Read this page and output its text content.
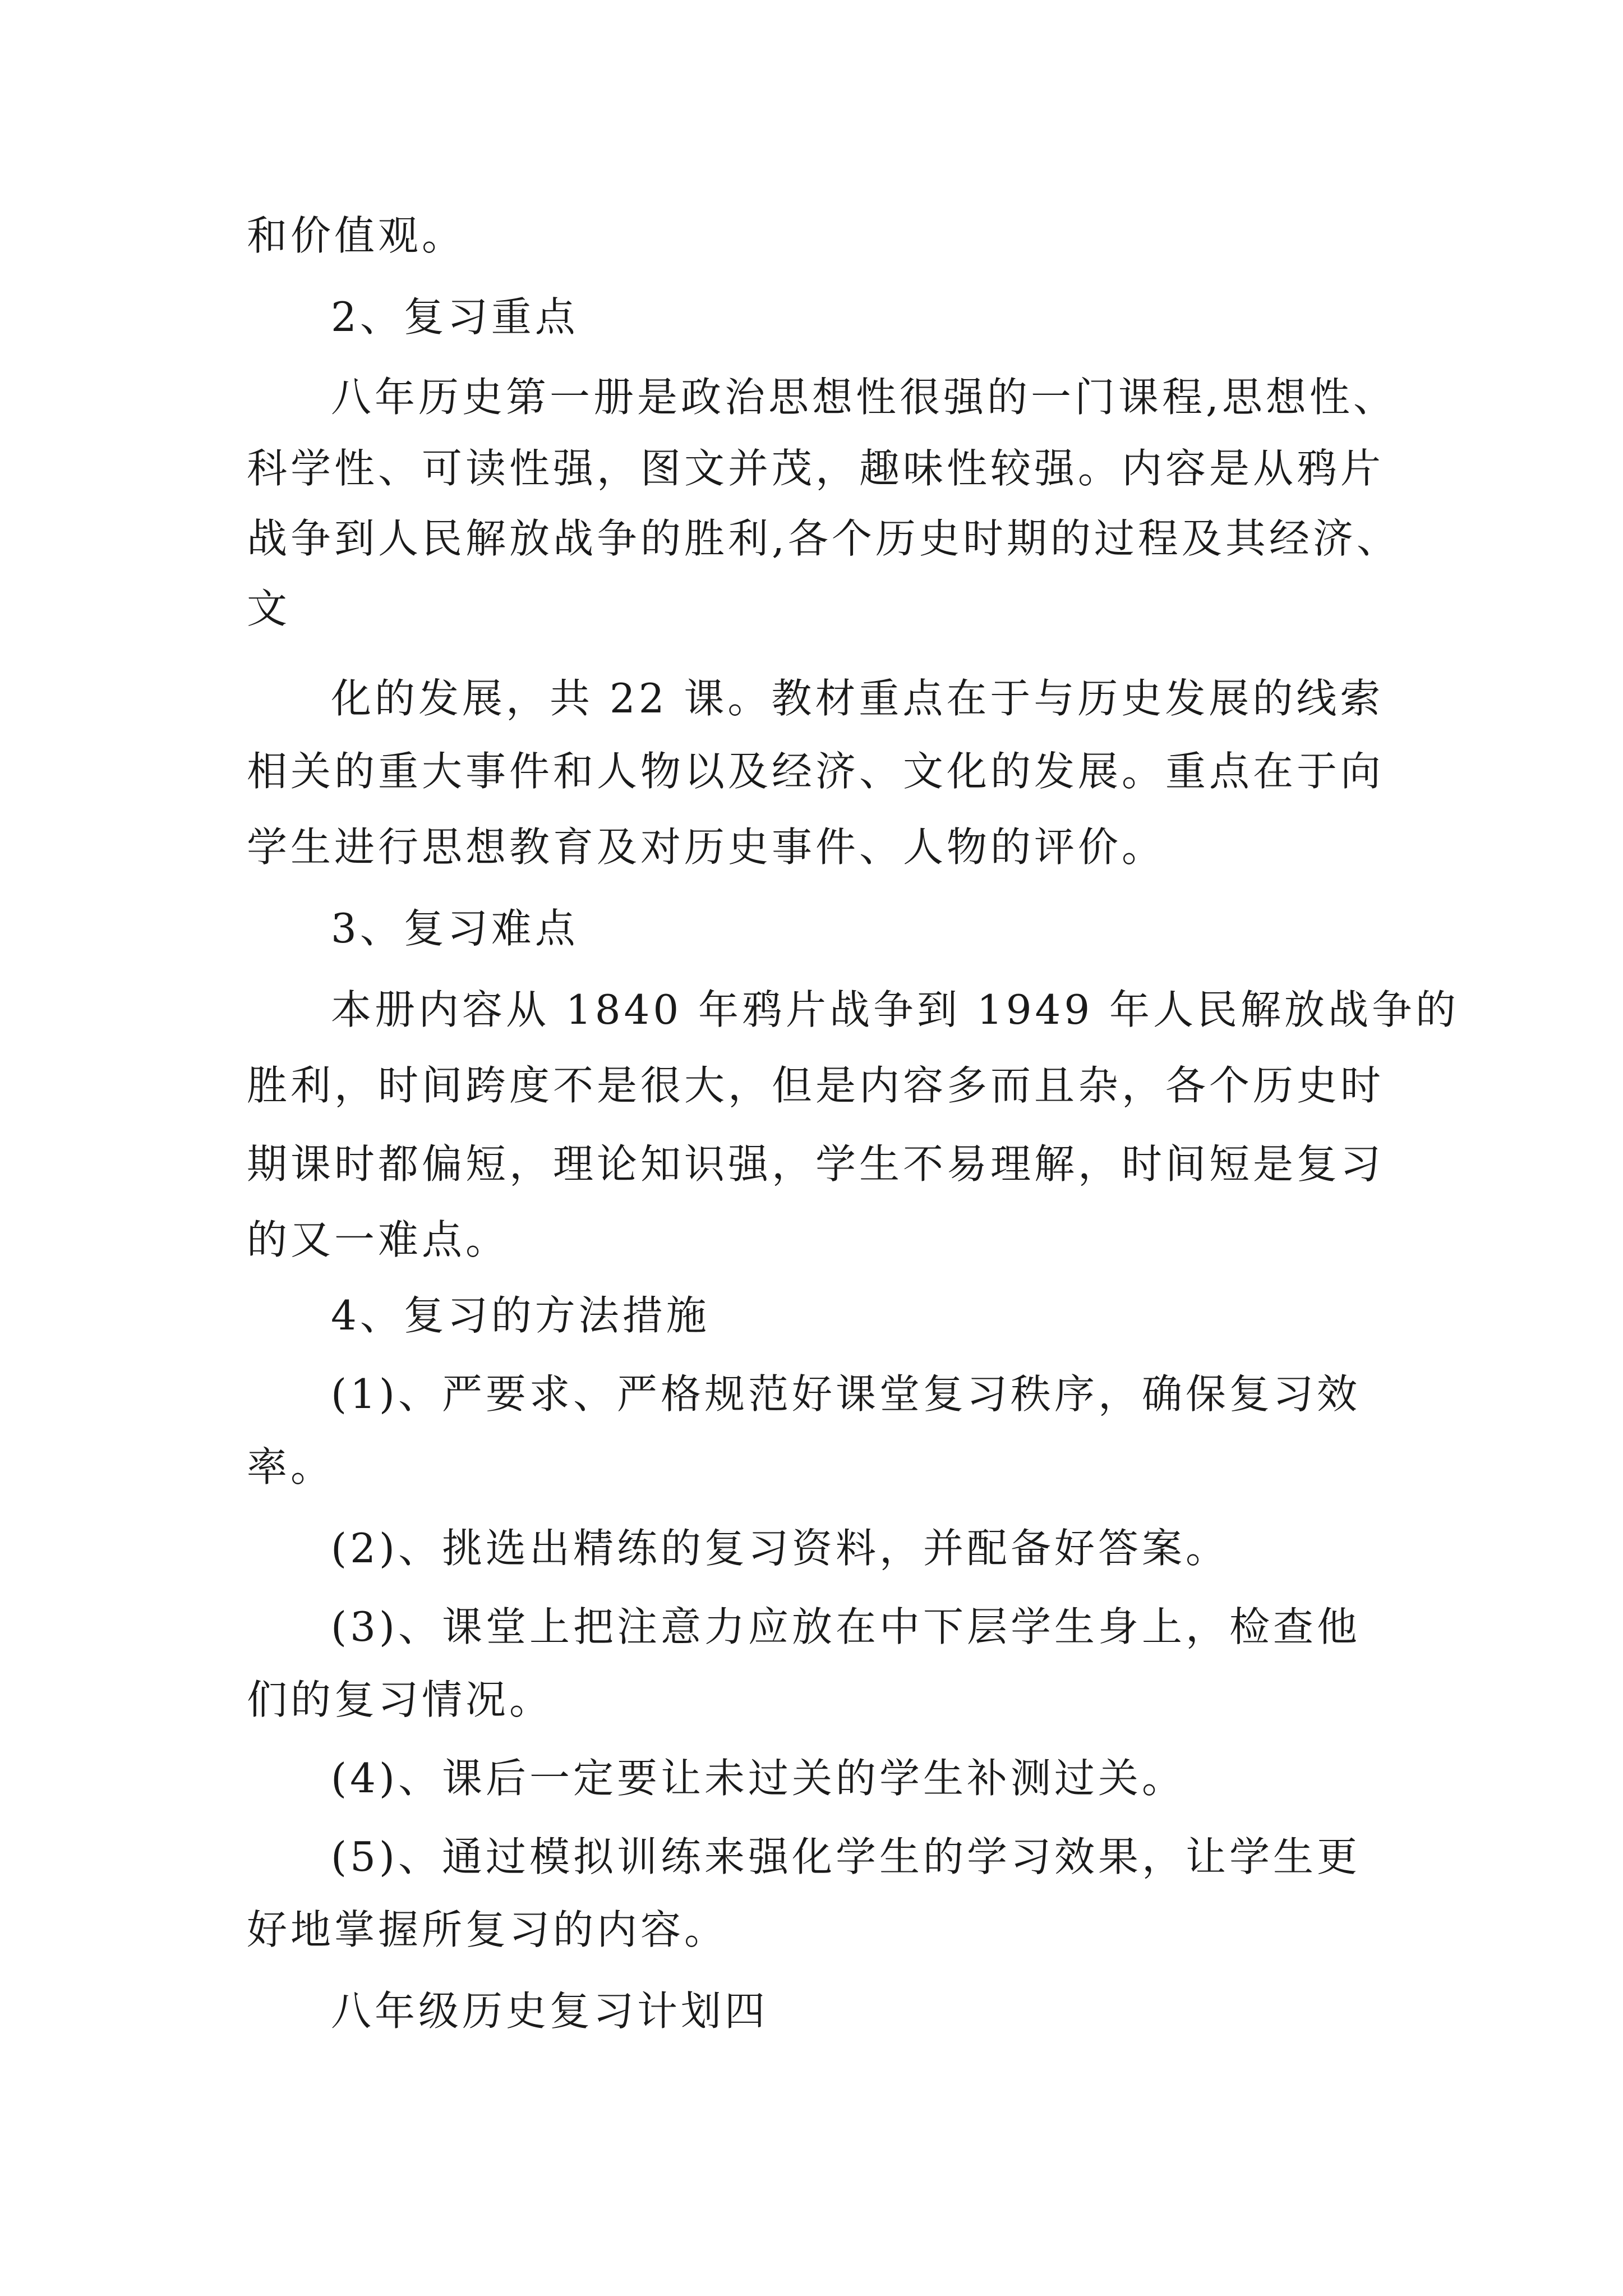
和价值观。
2、复习重点
八年历史第一册是政治思想性很强的一门课程,思想性、
科学性、可读性强，图文并茂，趣味性较强。内容是从鸦片
战争到人民解放战争的胜利,各个历史时期的过程及其经济、
文
化的发展，共 22 课。教材重点在于与历史发展的线索
相关的重大事件和人物以及经济、文化的发展。重点在于向
学生进行思想教育及对历史事件、人物的评价。
3、复习难点
本册内容从 1840 年鸦片战争到 1949 年人民解放战争的
胜利，时间跨度不是很大，但是内容多而且杂，各个历史时
期课时都偏短，理论知识强，学生不易理解，时间短是复习
的又一难点。
4、复习的方法措施
(1)、严要求、严格规范好课堂复习秩序，确保复习效
率。
(2)、挑选出精练的复习资料，并配备好答案。
(3)、课堂上把注意力应放在中下层学生身上，检查他
们的复习情况。
(4)、课后一定要让未过关的学生补测过关。
(5)、通过模拟训练来强化学生的学习效果，让学生更
好地掌握所复习的内容。
八年级历史复习计划四
